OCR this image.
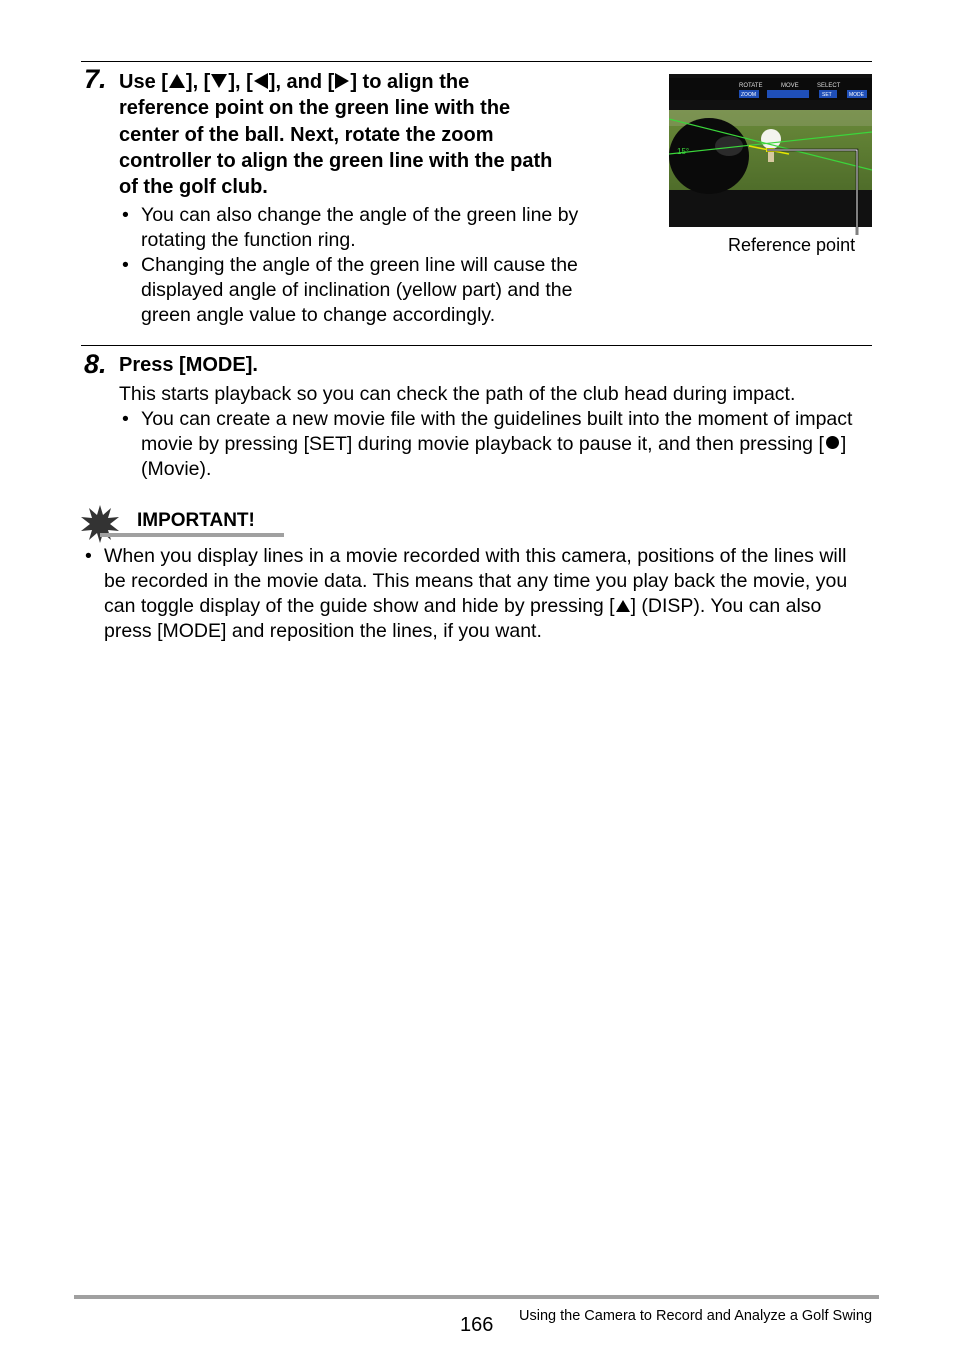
7. Use [ ], [ ], [ ], and [ ] to align the
reference point on the green line with the
center of the ball. Next, rotate the zoom
controller to align the green line with the path
of the golf club.
• You can also change the angle of the green line by rotating the function ring.
• Changing the angle of the green line will cause the displayed angle of inclination (yellow part) and the green angle value to change accordingly.
15°
ROTATE	MOVE	SELECT
ZOOM	SET	MODE
Reference point
8. Press [MODE].
This starts playback so you can check the path of the club head during impact.
• You can create a new movie file with the guidelines built into the moment of impact movie by pressing [SET] during movie playback to pause it, and then pressing [ ] (Movie).
IMPORTANT!
• When you display lines in a movie recorded with this camera, positions of the lines will be recorded in the movie data. This means that any time you play back the movie, you can toggle display of the guide show and hide by pressing [ ] (DISP). You can also press [MODE] and reposition the lines, if you want.
166 Using the Camera to Record and Analyze a Golf Swing
